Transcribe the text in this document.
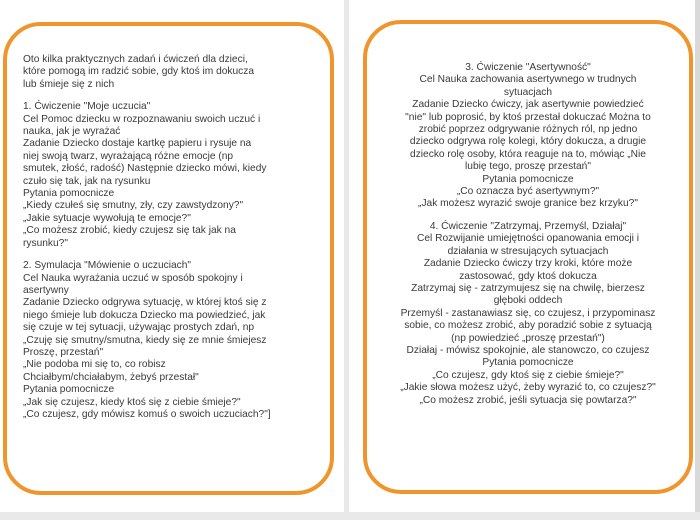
Oto kilka praktycznych zadań i ćwiczeń dla dzieci,
które pomogą im radzić sobie, gdy ktoś im dokucza
lub śmieje się z nich
1. Ćwiczenie "Moje uczucia"
Cel Pomoc dziecku w rozpoznawaniu swoich uczuć i
nauka, jak je wyrażać
Zadanie Dziecko dostaje kartkę papieru i rysuje na
niej swoją twarz, wyrażającą różne emocje (np
smutek, złość, radość) Następnie dziecko mówi, kiedy
czuło się tak, jak na rysunku
Pytania pomocnicze
„Kiedy czułeś się smutny, zły, czy zawstydzony?"
„Jakie sytuacje wywołują te emocje?"
„Co możesz zrobić, kiedy czujesz się tak jak na
rysunku?"
2. Symulacja "Mówienie o uczuciach"
Cel Nauka wyrażania uczuć w sposób spokojny i
asertywny
Zadanie Dziecko odgrywa sytuację, w której ktoś się z
niego śmieje lub dokucza Dziecko ma powiedzieć, jak
się czuje w tej sytuacji, używając prostych zdań, np
„Czuję się smutny/smutna, kiedy się ze mnie śmiejesz
Proszę, przestań"
„Nie podoba mi się to, co robisz
Chciałbym/chciałabym, żebyś przestał"
Pytania pomocnicze
„Jak się czujesz, kiedy ktoś się z ciebie śmieje?"
„Co czujesz, gdy mówisz komuś o swoich uczuciach?"]
3. Ćwiczenie "Asertywność"
Cel Nauka zachowania asertywnego w trudnych
sytuacjach
Zadanie Dziecko ćwiczy, jak asertywnie powiedzieć
"nie" lub poprosić, by ktoś przestał dokuczać Można to
zrobić poprzez odgrywanie różnych ról, np jedno
dziecko odgrywa rolę kolegi, który dokucza, a drugie
dziecko rolę osoby, która reaguje na to, mówiąc „Nie
lubię tego, proszę przestań"
Pytania pomocnicze
„Co oznacza być asertywnym?"
„Jak możesz wyrazić swoje granice bez krzyku?"
4. Ćwiczenie "Zatrzymaj, Przemyśl, Działaj"
Cel Rozwijanie umiejętności opanowania emocji i
działania w stresujących sytuacjach
Zadanie Dziecko ćwiczy trzy kroki, które może
zastosować, gdy ktoś dokucza
Zatrzymaj się - zatrzymujesz się na chwilę, bierzesz
głęboki oddech
Przemyśl - zastanawiasz się, co czujesz, i przypominasz
sobie, co możesz zrobić, aby poradzić sobie z sytuacją
(np powiedzieć „proszę przestań")
Działaj - mówisz spokojnie, ale stanowczo, co czujesz
Pytania pomocnicze
„Co czujesz, gdy ktoś się z ciebie śmieje?"
„Jakie słowa możesz użyć, żeby wyrazić to, co czujesz?"
„Co możesz zrobić, jeśli sytuacja się powtarza?"
